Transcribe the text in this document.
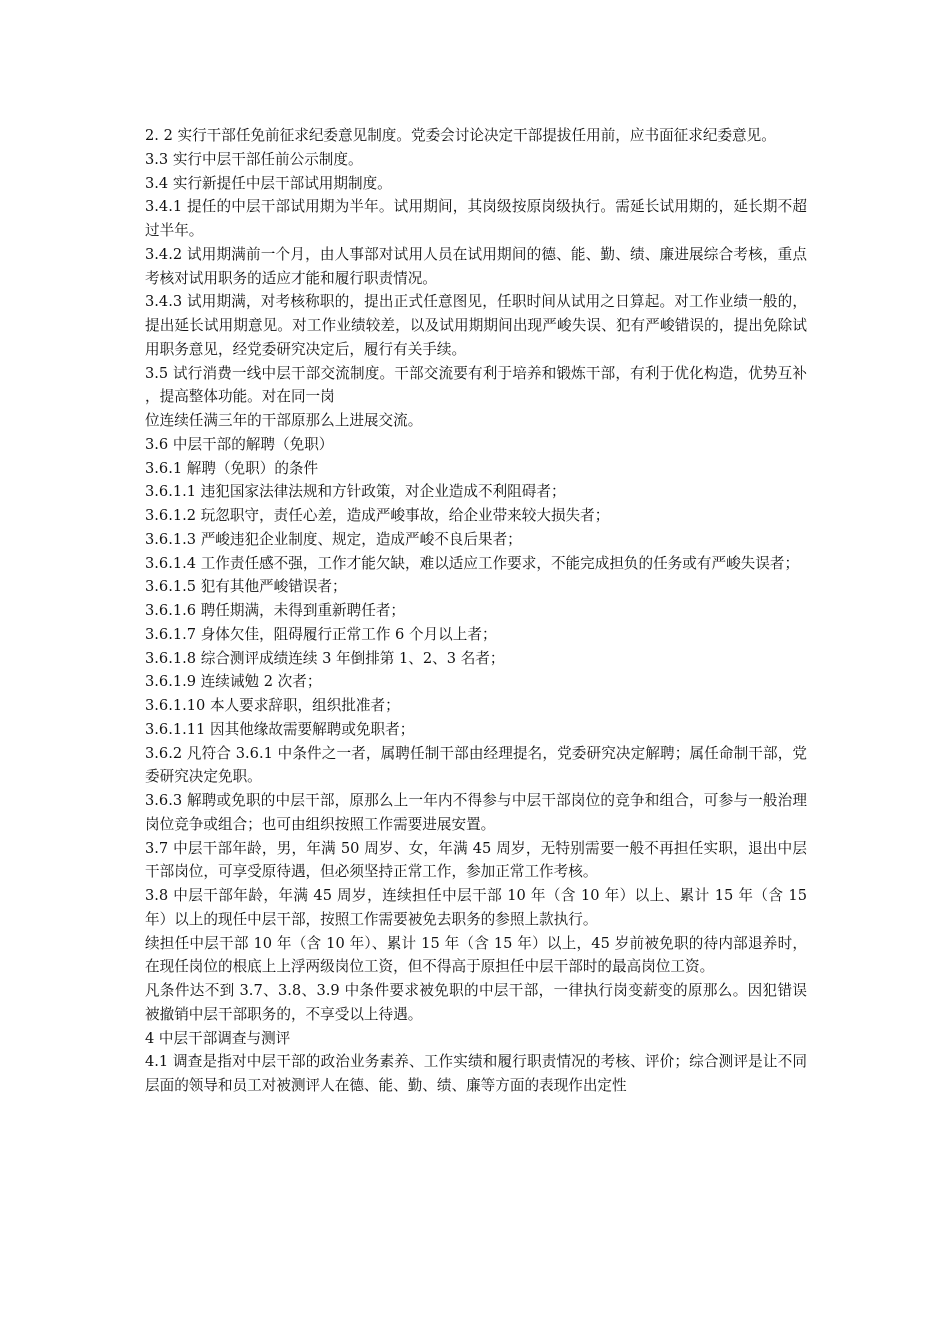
2. 2 实行干部任免前征求纪委意见制度。党委会讨论决定干部提拔任用前，应书面征求纪委意见。

3.3 实行中层干部任前公示制度。

3.4 实行新提任中层干部试用期制度。

3.4.1 提任的中层干部试用期为半年。试用期间，其岗级按原岗级执行。需延长试用期的，延长期不超过半年。

3.4.2 试用期满前一个月，由人事部对试用人员在试用期间的德、能、勤、绩、廉进展综合考核，重点考核对试用职务的适应才能和履行职责情况。

3.4.3 试用期满，对考核称职的，提出正式任意图见，任职时间从试用之日算起。对工作业绩一般的，提出延长试用期意见。对工作业绩较差，以及试用期期间出现严峻失误、犯有严峻错误的，提出免除试用职务意见，经党委研究决定后，履行有关手续。

3.5 试行消费一线中层干部交流制度。干部交流要有利于培养和锻炼干部，有利于优化构造，优势互补，提高整体功能。对在同一岗

位连续任满三年的干部原那么上进展交流。

3.6 中层干部的解聘（免职）

3.6.1 解聘（免职）的条件

3.6.1.1 违犯国家法律法规和方针政策，对企业造成不利阻碍者；

3.6.1.2 玩忽职守，责任心差，造成严峻事故，给企业带来较大损失者；

3.6.1.3 严峻违犯企业制度、规定，造成严峻不良后果者；

3.6.1.4 工作责任感不强，工作才能欠缺，难以适应工作要求，不能完成担负的任务或有严峻失误者；

3.6.1.5 犯有其他严峻错误者；

3.6.1.6 聘任期满，未得到重新聘任者；

3.6.1.7 身体欠佳，阻碍履行正常工作 6 个月以上者；

3.6.1.8 综合测评成绩连续 3 年倒排第 1、2、3 名者；

3.6.1.9 连续诫勉 2 次者；

3.6.1.10 本人要求辞职，组织批准者；

3.6.1.11 因其他缘故需要解聘或免职者；

3.6.2 凡符合 3.6.1 中条件之一者，属聘任制干部由经理提名，党委研究决定解聘；属任命制干部，党委研究决定免职。

3.6.3 解聘或免职的中层干部，原那么上一年内不得参与中层干部岗位的竞争和组合，可参与一般治理岗位竞争或组合；也可由组织按照工作需要进展安置。

3.7 中层干部年龄，男，年满 50 周岁、女，年满 45 周岁，无特别需要一般不再担任实职，退出中层干部岗位，可享受原待遇，但必须坚持正常工作，参加正常工作考核。

3.8 中层干部年龄，年满 45 周岁，连续担任中层干部 10 年（含 10 年）以上、累计 15 年（含 15 年）以上的现任中层干部，按照工作需要被免去职务的参照上款执行。

续担任中层干部 10 年（含 10 年）、累计 15 年（含 15 年）以上，45 岁前被免职的待内部退养时，在现任岗位的根底上上浮两级岗位工资，但不得高于原担任中层干部时的最高岗位工资。

凡条件达不到 3.7、3.8、3.9 中条件要求被免职的中层干部，一律执行岗变薪变的原那么。因犯错误被撤销中层干部职务的，不享受以上待遇。

4 中层干部调查与测评

4.1 调查是指对中层干部的政治业务素养、工作实绩和履行职责情况的考核、评价；综合测评是让不同层面的领导和员工对被测评人在德、能、勤、绩、廉等方面的表现作出定性
